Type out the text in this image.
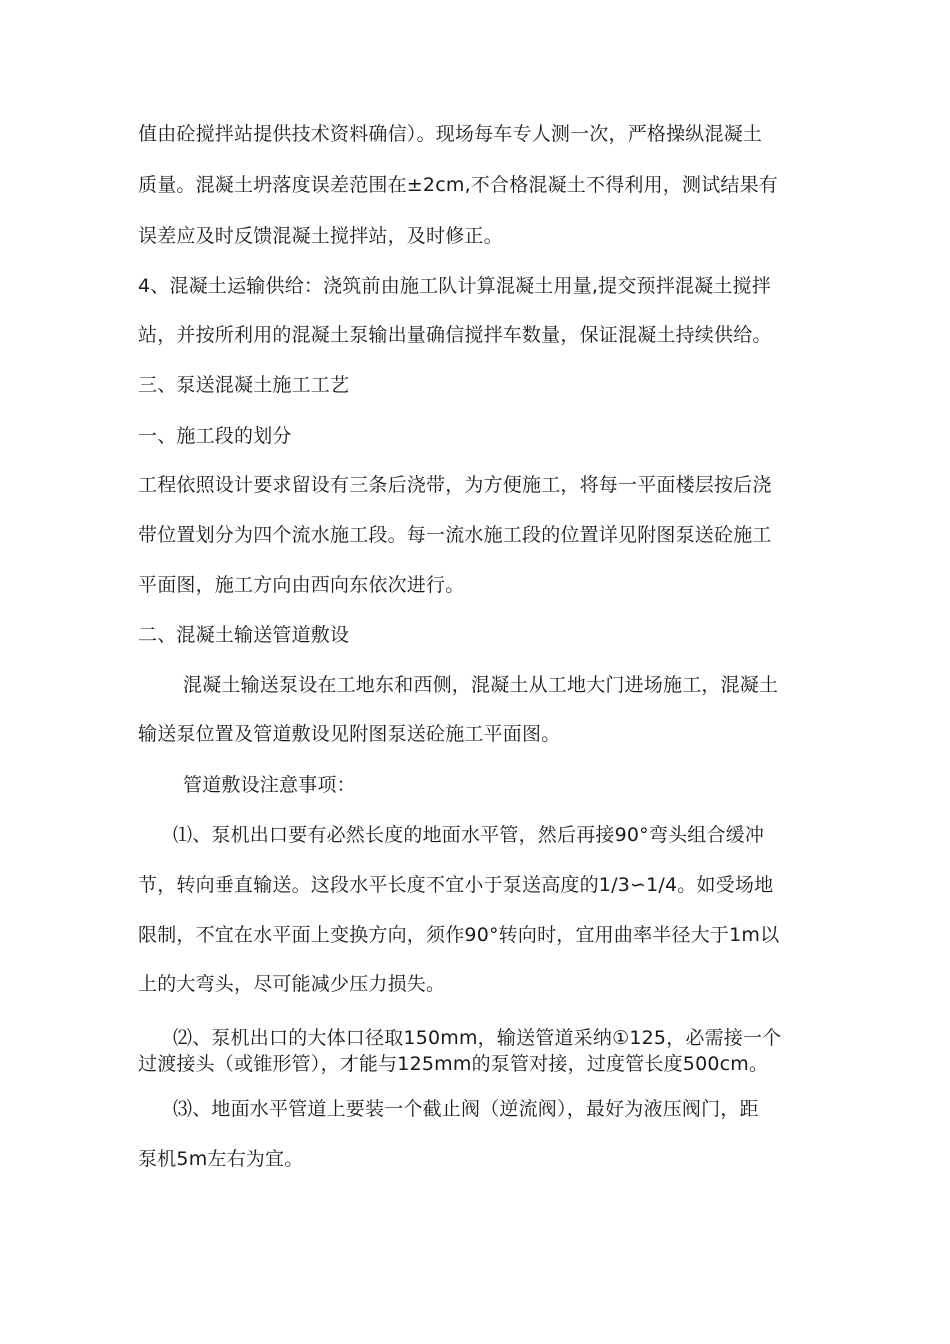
值由砼搅拌站提供技术资料确信）。现场每车专人测一次，严格操纵混凝土
质量。混凝土坍落度误差范围在±2cm,不合格混凝土不得利用，测试结果有
误差应及时反馈混凝土搅拌站，及时修正。
4、混凝土运输供给：浇筑前由施工队计算混凝土用量,提交预拌混凝土搅拌
站，并按所利用的混凝土泵输出量确信搅拌车数量，保证混凝土持续供给。
三、泵送混凝土施工工艺
一、施工段的划分
工程依照设计要求留设有三条后浇带，为方便施工，将每一平面楼层按后浇
带位置划分为四个流水施工段。每一流水施工段的位置详见附图泵送砼施工
平面图，施工方向由西向东依次进行。
二、混凝土输送管道敷设
混凝土输送泵设在工地东和西侧，混凝土从工地大门进场施工，混凝土
输送泵位置及管道敷设见附图泵送砼施工平面图。
管道敷设注意事项：
⑴、泵机出口要有必然长度的地面水平管，然后再接90°弯头组合缓冲
节，转向垂直输送。这段水平长度不宜小于泵送高度的1/3∽1/4。如受场地
限制，不宜在水平面上变换方向，须作90°转向时，宜用曲率半径大于1m以
上的大弯头，尽可能减少压力损失。
⑵、泵机出口的大体口径取150mm，输送管道采纳①125，必需接一个
过渡接头（或锥形管），才能与125mm的泵管对接，过度管长度500cm。
⑶、地面水平管道上要装一个截止阀（逆流阀），最好为液压阀门，距
泵机5m左右为宜。
